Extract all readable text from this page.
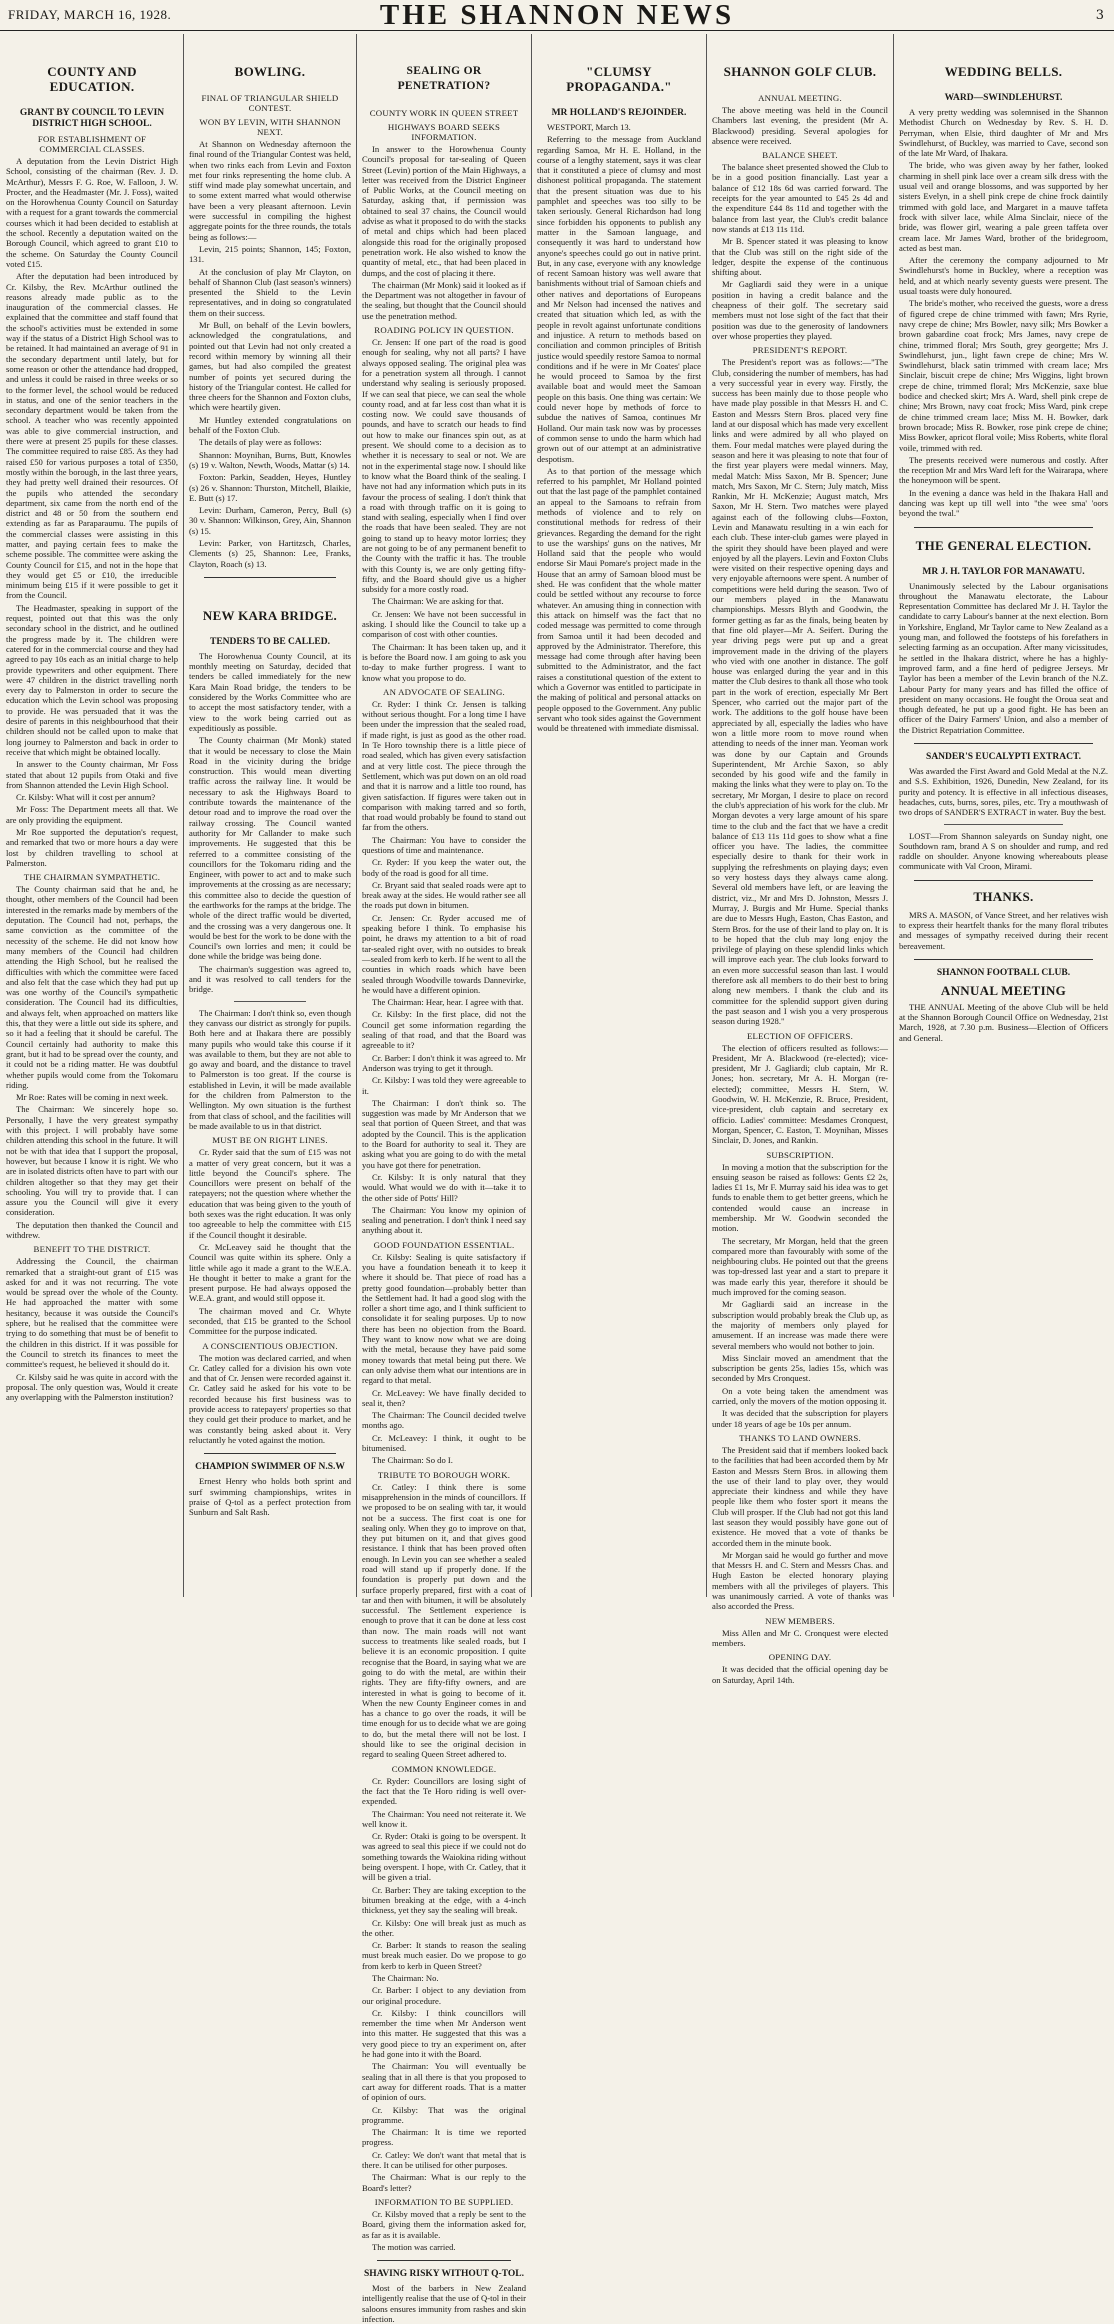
FRIDAY, MARCH 16, 1928.	THE SHANNON NEWS	3
COUNTY AND EDUCATION.
GRANT BY COUNCIL TO LEVIN DISTRICT HIGH SCHOOL.
FOR ESTABLISHMENT OF COMMERCIAL CLASSES.

A deputation from the Levin District High School, consisting of the chairman (Rev. J. D. McArthur), Messrs F. G. Roe, W. Falloon, J. W. Procter, and the Headmaster (Mr. J. Foss), waited on the Horowhenua County Council on Saturday with a request for a grant towards the commercial courses which it had been decided to establish at the school. Recently a deputation waited on the Borough Council, which agreed to grant £10 to the scheme. On Saturday the County Council voted £15.

After the deputation had been introduced by Cr. Kilsby, the Rev. McArthur outlined the reasons already made public as to the inauguration of the commercial classes. He explained that the committee and staff found that the school's activities must be extended in some way if the status of a District High School was to be retained. It had maintained an average of 91 in the secondary department until lately, but for some reason or other the attendance had dropped, and unless it could be raised in three weeks or so to the former level, the school would be reduced in status, and one of the senior teachers in the secondary department would be taken from the school. A teacher who was recently appointed was able to give commercial instruction, and there were at present 25 pupils for these classes. The committee required to raise £85. As they had raised £50 for various purposes a total of £350, mostly within the borough, in the last three years, they had pretty well drained their resources. Of the pupils who attended the secondary department, six came from the north end of the district and 48 or 50 from the southern end extending as far as Paraparaumu. The pupils of the commercial classes were assisting in this matter, and paying certain fees to make the scheme possible. The committee were asking the County Council for £15, and not in the hope that they would get £5 or £10, the irreducible minimum being £15 if it were possible to get it from the Council.

The Headmaster, speaking in support of the request, pointed out that this was the only secondary school in the district, and he outlined the progress made by it. The children were catered for in the commercial course and they had agreed to pay 10s each as an initial charge to help provide typewriters and other equipment. There were 47 children in the district travelling north every day to Palmerston in order to secure the education which the Levin school was proposing to provide. He was persuaded that it was the desire of parents in this neighbourhood that their children should not be called upon to make that long journey to Palmerston and back in order to receive that which might be obtained locally.

In answer to the County chairman, Mr Foss stated that about 12 pupils from Otaki and five from Shannon attended the Levin High School.

Cr. Kilsby: What will it cost per annum?

Mr Foss: The Department meets all that. We are only providing the equipment.

Mr Roe supported the deputation's request, and remarked that two or more hours a day were lost by children travelling to school at Palmerston.

THE CHAIRMAN SYMPATHETIC.

The County chairman said that he and, he thought, other members of the Council had been interested in the remarks made by members of the deputation. The Council had not, perhaps, the same conviction as the committee of the necessity of the scheme. He did not know how many members of the Council had children attending the High School, but he realised the difficulties with which the committee were faced and also felt that the case which they had put up was one worthy of the Council's sympathetic consideration. The Council had its difficulties, and always felt, when approached on matters like this, that they were a little out side its sphere, and so it had a feeling that it should be careful. The Council certainly had authority to make this grant, but it had to be spread over the county, and it could not be a riding matter. He was doubtful whether pupils would come from the Tokomaru riding.

Mr Roe: Rates will be coming in next week.

The Chairman: We sincerely hope so. Personally, I have the very greatest sympathy with this project. I will probably have some children attending this school in the future. It will not be with that idea that I support the proposal, however, but because I know it is right. We who are in isolated districts often have to part with our children altogether so that they may get their schooling. You will try to provide that. I can assure you the Council will give it every consideration.

The deputation then thanked the Council and withdrew.

BENEFIT TO THE DISTRICT.

Addressing the Council, the chairman remarked that a straight-out grant of £15 was asked for and it was not recurring. The vote would be spread over the whole of the County. He had approached the matter with some hesitancy, because it was outside the Council's sphere, but he realised that the committee were trying to do something that must be of benefit to the children in this district. If it was possible for the Council to stretch its finances to meet the committee's request, he believed it should do it.

Cr. Kilsby said he was quite in accord with the proposal. The only question was, Would it create any overlapping with the Palmerston institution?

BOWLING.
FINAL OF TRIANGULAR SHIELD CONTEST.
WON BY LEVIN, WITH SHANNON NEXT.

At Shannon on Wednesday afternoon the final round of the Triangular Contest was held, when two rinks each from Levin and Foxton met four rinks representing the home club. A stiff wind made play somewhat uncertain, and to some extent marred what would otherwise have been a very pleasant afternoon. Levin were successful in compiling the highest aggregate points for the three rounds, the totals being as follows:—

Levin, 215 points; Shannon, 145; Foxton, 131.

At the conclusion of play Mr Clayton, on behalf of Shannon Club (last season's winners) presented the Shield to the Levin representatives, and in doing so congratulated them on their success.

Mr Bull, on behalf of the Levin bowlers, acknowledged the congratulations, and pointed out that Levin had not only created a record within memory by winning all their games, but had also compiled the greatest number of points yet secured during the history of the Triangular contest. He called for three cheers for the Shannon and Foxton clubs, which were heartily given.

Mr Huntley extended congratulations on behalf of the Foxton Club.

The details of play were as follows:

Shannon: Moynihan, Burns, Butt, Knowles (s) 19 v. Walton, Newth, Woods, Mattar (s) 14.

Foxton: Parkin, Seadden, Heyes, Huntley (s) 26 v. Shannon: Thurston, Mitchell, Blaikie, E. Butt (s) 17.

Levin: Durham, Cameron, Percy, Bull (s) 30 v. Shannon: Wilkinson, Grey, Ain, Shannon (s) 15.

Levin: Parker, von Hartitzsch, Charles, Clements (s) 25, Shannon: Lee, Franks, Clayton, Roach (s) 13.

NEW KARA BRIDGE.
TENDERS TO BE CALLED.

The Horowhenua County Council, at its monthly meeting on Saturday, decided that tenders be called immediately for the new Kara Main Road bridge, the tenders to be considered by the Works Committee who are to accept the most satisfactory tender, with a view to the work being carried out as expeditiously as possible.

The County chairman (Mr Monk) stated that it would be necessary to close the Main Road in the vicinity during the bridge construction. This would mean diverting traffic across the railway line. It would be necessary to ask the Highways Board to contribute towards the maintenance of the detour road and to improve the road over the railway crossing. The Council wanted authority for Mr Callander to make such improvements. He suggested that this be referred to a committee consisting of the councillors for the Tokomaru riding and the Engineer, with power to act and to make such improvements at the crossing as are necessary; this committee also to decide the question of the earthworks for the ramps at the bridge. The whole of the direct traffic would be diverted, and the crossing was a very dangerous one. It would be best for the work to be done with the Council's own lorries and men; it could be done while the bridge was being done.

The chairman's suggestion was agreed to, and it was resolved to call tenders for the bridge.

The Chairman: I don't think so, even though they canvass our district as strongly for pupils. Both here and at Ihakara there are possibly many pupils who would take this course if it was available to them, but they are not able to go away and board, and the distance to travel to Palmerston is too great. If the course is established in Levin, it will be made available for the children from Palmerston to the Wellington. My own situation is the furthest from that class of school, and the facilities will be made available to us in that district.

MUST BE ON RIGHT LINES.

Cr. Ryder said that the sum of £15 was not a matter of very great concern, but it was a little beyond the Council's sphere. The Councillors were present on behalf of the ratepayers; not the question where whether the education that was being given to the youth of both sexes was the right education. It was only too agreeable to help the committee with £15 if the Council thought it desirable.

Cr. McLeavey said he thought that the Council was quite within its sphere. Only a little while ago it made a grant to the W.E.A. He thought it better to make a grant for the present purpose. He had always opposed the W.E.A. grant, and would still oppose it.

The chairman moved and Cr. Whyte seconded, that £15 be granted to the School Committee for the purpose indicated.

A CONSCIENTIOUS OBJECTION.

The motion was declared carried, and when Cr. Catley called for a division his own vote and that of Cr. Jensen were recorded against it. Cr. Catley said he asked for his vote to be recorded because his first business was to provide access to ratepayers' properties so that they could get their produce to market, and he was constantly being asked about it. Very reluctantly he voted against the motion.

CHAMPION SWIMMER OF N.S.W

Ernest Henry who holds both sprint and surf swimming championships, writes in praise of Q-tol as a perfect protection from Sunburn and Salt Rash.

SEALING OR PENETRATION?
COUNTY WORK IN QUEEN STREET
HIGHWAYS BOARD SEEKS INFORMATION.

In answer to the Horowhenua County Council's proposal for tar-sealing of Queen Street (Levin) portion of the Main Highways, a letter was received from the District Engineer of Public Works, at the Council meeting on Saturday, asking that, if permission was obtained to seal 37 chains, the Council would advise as what it proposed to do with the stacks of metal and chips which had been placed alongside this road for the originally proposed penetration work. He also wished to know the quantity of metal, etc., that had been placed in dumps, and the cost of placing it there.

The chairman (Mr Monk) said it looked as if the Department was not altogether in favour of the sealing, but thought that the Council should use the penetration method.

ROADING POLICY IN QUESTION.

Cr. Jensen: If one part of the road is good enough for sealing, why not all parts? I have always opposed sealing. The original plea was for a penetration system all through. I cannot understand why sealing is seriously proposed. If we can seal that piece, we can seal the whole county road, and at far less cost than what it is costing now. We could save thousands of pounds, and have to scratch our heads to find out how to make our finances spin out, as at present. We should come to a decision as to whether it is necessary to seal or not. We are not in the experimental stage now. I should like to know what the Board think of the sealing. I have not had any information which puts in its favour the process of sealing. I don't think that a road with through traffic on it is going to stand with sealing, especially when I find over the roads that have been sealed. They are not going to stand up to heavy motor lorries; they are not going to be of any permanent benefit to the County with the traffic it has. The trouble with this County is, we are only getting fifty-fifty, and the Board should give us a higher subsidy for a more costly road.

The Chairman: We are asking for that.

Cr. Jensen: We have not been successful in asking. I should like the Council to take up a comparison of cost with other counties.

The Chairman: It has been taken up, and it is before the Board now. I am going to ask you to-day to make further progress. I want to know what you propose to do.

AN ADVOCATE OF SEALING.

Cr. Ryder: I think Cr. Jensen is talking without serious thought. For a long time I have been under the impression that the sealed road, if made right, is just as good as the other road. In Te Horo township there is a little piece of road sealed, which has given every satisfaction and at very little cost. The piece through the Settlement, which was put down on an old road and that it is narrow and a little too round, has given satisfaction. If figures were taken out in comparison with making tarred and so forth, that road would probably be found to stand out far from the others.

The Chairman: You have to consider the questions of time and maintenance.

Cr. Ryder: If you keep the water out, the body of the road is good for all time.

Cr. Bryant said that sealed roads were apt to break away at the sides. He would rather see all the roads put down in bitumen.

Cr. Jensen: Cr. Ryder accused me of speaking before I think. To emphasise his point, he draws my attention to a bit of road tar-sealed right over, with no outsides to break—sealed from kerb to kerb. If he went to all the counties in which roads which have been sealed through Woodville towards Dannevirke, he would have a different opinion.

The Chairman: Hear, hear. I agree with that.

Cr. Kilsby: In the first place, did not the Council get some information regarding the sealing of that road, and that the Board was agreeable to it?

Cr. Barber: I don't think it was agreed to. Mr Anderson was trying to get it through.

Cr. Kilsby: I was told they were agreeable to it.

The Chairman: I don't think so. The suggestion was made by Mr Anderson that we seal that portion of Queen Street, and that was adopted by the Council. This is the application to the Board for authority to seal it. They are asking what you are going to do with the metal you have got there for penetration.

Cr. Kilsby: It is only natural that they would. What would we do with it—take it to the other side of Potts' Hill?

The Chairman: You know my opinion of sealing and penetration. I don't think I need say anything about it.

GOOD FOUNDATION ESSENTIAL.

Cr. Kilsby: Sealing is quite satisfactory if you have a foundation beneath it to keep it where it should be. That piece of road has a pretty good foundation—probably better than the Settlement had. It had a good slog with the roller a short time ago, and I think sufficient to consolidate it for sealing purposes. Up to now there has been no objection from the Board. They want to know now what we are doing with the metal, because they have paid some money towards that metal being put there. We can only advise them what our intentions are in regard to that metal.

Cr. McLeavey: We have finally decided to seal it, then?

The Chairman: The Council decided twelve months ago.

Cr. McLeavey: I think, it ought to be bitumenised.

The Chairman: So do I.

TRIBUTE TO BOROUGH WORK.

Cr. Catley: I think there is some misapprehension in the minds of councillors. If we proposed to be on sealing with tar, it would not be a success. The first coat is one for sealing only. When they go to improve on that, they put bitumen on it, and that gives good resistance. I think that has been proved often enough. In Levin you can see whether a sealed road will stand up if properly done. If the foundation is properly put down and the surface properly prepared, first with a coat of tar and then with bitumen, it will be absolutely successful. The Settlement experience is enough to prove that it can be done at less cost than now. The main roads will not want success to treatments like sealed roads, but I believe it is an economic proposition. I quite recognise that the Board, in saying what we are going to do with the metal, are within their rights. They are fifty-fifty owners, and are interested in what is going to become of it. When the new County Engineer comes in and has a chance to go over the roads, it will be time enough for us to decide what we are going to do, but the metal there will not be lost. I should like to see the original decision in regard to sealing Queen Street adhered to.

COMMON KNOWLEDGE.

Cr. Ryder: Councillors are losing sight of the fact that the Te Horo riding is well over-expended.

The Chairman: You need not reiterate it. We well know it.

Cr. Ryder: Otaki is going to be overspent. It was agreed to seal this piece if we could not do something towards the Waiokina riding without being overspent. I hope, with Cr. Catley, that it will be given a trial.

Cr. Barber: They are taking exception to the bitumen breaking at the edge, with a 4-inch thickness, yet they say the sealing will break.

Cr. Kilsby: One will break just as much as the other.

Cr. Barber: It stands to reason the sealing must break much easier. Do we propose to go from kerb to kerb in Queen Street?

The Chairman: No.

Cr. Barber: I object to any deviation from our original procedure.

Cr. Kilsby: I think councillors will remember the time when Mr Anderson went into this matter. He suggested that this was a very good piece to try an experiment on, after he had gone into it with the Board.

The Chairman: You will eventually be sealing that in all there is that you proposed to cart away for different roads. That is a matter of opinion of ours.

Cr. Kilsby: That was the original programme.

The Chairman: It is time we reported progress.

Cr. Catley: We don't want that metal that is there. It can be utilised for other purposes.

The Chairman: What is our reply to the Board's letter?

INFORMATION TO BE SUPPLIED.

Cr. Kilsby moved that a reply be sent to the Board, giving them the information asked for, as far as it is available.

The motion was carried.

SHAVING RISKY WITHOUT Q-TOL.

Most of the barbers in New Zealand intelligently realise that the use of Q-tol in their saloons ensures immunity from rashes and skin infection.

"CLUMSY PROPAGANDA."
MR HOLLAND'S REJOINDER.

WESTPORT, March 13.

Referring to the message from Auckland regarding Samoa, Mr H. E. Holland, in the course of a lengthy statement, says it was clear that it constituted a piece of clumsy and most dishonest political propaganda. The statement that the present situation was due to his pamphlet and speeches was too silly to be taken seriously. General Richardson had long since forbidden his opponents to publish any matter in the Samoan language, and consequently it was hard to understand how anyone's speeches could go out in native print. But, in any case, everyone with any knowledge of recent Samoan history was well aware that banishments without trial of Samoan chiefs and other natives and deportations of Europeans and Mr Nelson had incensed the natives and created that situation which led, as with the people in revolt against unfortunate conditions and injustice. A return to methods based on conciliation and common principles of British justice would speedily restore Samoa to normal conditions and if he were in Mr Coates' place he would proceed to Samoa by the first available boat and would meet the Samoan people on this basis. One thing was certain: We could never hope by methods of force to subdue the natives of Samoa, continues Mr Holland. Our main task now was by processes of common sense to undo the harm which had grown out of our attempt at an administrative despotism.

As to that portion of the message which referred to his pamphlet, Mr Holland pointed out that the last page of the pamphlet contained an appeal to the Samoans to refrain from methods of violence and to rely on constitutional methods for redress of their grievances. Regarding the demand for the right to use the warships' guns on the natives, Mr Holland said that the people who would endorse Sir Maui Pomare's project made in the House that an army of Samoan blood must be shed. He was confident that the whole matter could be settled without any recourse to force whatever. An amusing thing in connection with this attack on himself was the fact that no coded message was permitted to come through from Samoa until it had been decoded and approved by the Administrator. Therefore, this message had come through after having been submitted to the Administrator, and the fact raises a constitutional question of the extent to which a Governor was entitled to participate in the making of political and personal attacks on people opposed to the Government. Any public servant who took sides against the Government would be threatened with immediate dismissal.

SHANNON GOLF CLUB.
ANNUAL MEETING.

The above meeting was held in the Council Chambers last evening, the president (Mr A. Blackwood) presiding. Several apologies for absence were received.

BALANCE SHEET.

The balance sheet presented showed the Club to be in a good position financially. Last year a balance of £12 18s 6d was carried forward. The receipts for the year amounted to £45 2s 4d and the expenditure £44 8s 11d and together with the balance from last year, the Club's credit balance now stands at £13 11s 11d.

Mr B. Spencer stated it was pleasing to know that the Club was still on the right side of the ledger, despite the expense of the continuous shifting about.

Mr Gagliardi said they were in a unique position in having a credit balance and the cheapness of their golf. The secretary said members must not lose sight of the fact that their position was due to the generosity of landowners over whose properties they played.

PRESIDENT'S REPORT.

The President's report was as follows:—"The Club, considering the number of members, has had a very successful year in every way. Firstly, the success has been mainly due to those people who have made play possible in that Messrs H. and C. Easton and Messrs Stern Bros. placed very fine land at our disposal which has made very excellent links and were admired by all who played on them. Four medal matches were played during the season and here it was pleasing to note that four of the first year players were medal winners. May, medal Match: Miss Saxon, Mr B. Spencer; June match, Mrs Saxon, Mr C. Stern; July match, Miss Rankin, Mr H. McKenzie; August match, Mrs Saxon, Mr H. Stern. Two matches were played against each of the following clubs—Foxton, Levin and Manawatu resulting in a win each for each club. These inter-club games were played in the spirit they should have been played and were enjoyed by all the players. Levin and Foxton Clubs were visited on their respective opening days and very enjoyable afternoons were spent. A number of competitions were held during the season. Two of our members played in the Manawatu championships. Messrs Blyth and Goodwin, the former getting as far as the finals, being beaten by that fine old player—Mr A. Seifert. During the year driving pegs were put up and a great improvement made in the driving of the players who vied with one another in distance. The golf house was enlarged during the year and in this matter the Club desires to thank all those who took part in the work of erection, especially Mr Bert Spencer, who carried out the major part of the work. The additions to the golf house have been appreciated by all, especially the ladies who have won a little more room to move round when attending to needs of the inner man. Yeoman work was done by our Captain and Grounds Superintendent, Mr Archie Saxon, so ably seconded by his good wife and the family in making the links what they were to play on. To the secretary, Mr Morgan, I desire to place on record the club's appreciation of his work for the club. Mr Morgan devotes a very large amount of his spare time to the club and the fact that we have a credit balance of £13 11s 11d goes to show what a fine officer you have. The ladies, the committee especially desire to thank for their work in supplying the refreshments on playing days; even so very hostess days they always came along. Several old members have left, or are leaving the district, viz., Mr and Mrs D. Johnston, Messrs J. Murray, J. Burgis and Mr Hume. Special thanks are due to Messrs Hugh, Easton, Chas Easton, and Stern Bros. for the use of their land to play on. It is to be hoped that the club may long enjoy the privilege of playing on these splendid links which will improve each year. The club looks forward to an even more successful season than last. I would therefore ask all members to do their best to bring along new members. I thank the club and its committee for the splendid support given during the past season and I wish you a very prosperous season during 1928."

ELECTION OF OFFICERS.

The election of officers resulted as follows:—President, Mr A. Blackwood (re-elected); vice-president, Mr J. Gagliardi; club captain, Mr R. Jones; hon. secretary, Mr A. H. Morgan (re-elected); committee, Messrs H. Stern, W. Goodwin, W. H. McKenzie, R. Bruce, President, vice-president, club captain and secretary ex officio. Ladies' committee: Mesdames Cronquest, Morgan, Spencer, C. Easton, T. Moynihan, Misses Sinclair, D. Jones, and Rankin.

SUBSCRIPTION.

In moving a motion that the subscription for the ensuing season be raised as follows: Gents £2 2s, ladies £1 1s, Mr F. Murray said his idea was to get funds to enable them to get better greens, which he contended would cause an increase in membership. Mr W. Goodwin seconded the motion.

The secretary, Mr Morgan, held that the green compared more than favourably with some of the neighbouring clubs. He pointed out that the greens was top-dressed last year and a start to prepare it was made early this year, therefore it should be much improved for the coming season.

Mr Gagliardi said an increase in the subscription would probably break the Club up, as the majority of members only played for amusement. If an increase was made there were several members who would not bother to join.

Miss Sinclair moved an amendment that the subscription be gents 25s, ladies 15s, which was seconded by Mrs Cronquest.

On a vote being taken the amendment was carried, only the movers of the motion opposing it.

It was decided that the subscription for players under 18 years of age be 10s per annum.

THANKS TO LAND OWNERS.

The President said that if members looked back to the facilities that had been accorded them by Mr Easton and Messrs Stern Bros. in allowing them the use of their land to play over, they would appreciate their kindness and while they have people like them who foster sport it means the Club will prosper. If the Club had not got this land last season they would possibly have gone out of existence. He moved that a vote of thanks be accorded them in the minute book.

Mr Morgan said he would go further and move that Messrs H. and C. Stern and Messrs Chas. and Hugh Easton be elected honorary playing members with all the privileges of players. This was unanimously carried. A vote of thanks was also accorded the Press.

NEW MEMBERS.

Miss Allen and Mr C. Cronquest were elected members.

OPENING DAY.

It was decided that the official opening day be on Saturday, April 14th.

WEDDING BELLS.
WARD—SWINDLEHURST.

A very pretty wedding was solemnised in the Shannon Methodist Church on Wednesday by Rev. S. H. D. Perryman, when Elsie, third daughter of Mr and Mrs Swindlehurst, of Buckley, was married to Cave, second son of the late Mr Ward, of Ihakara.

The bride, who was given away by her father, looked charming in shell pink lace over a cream silk dress with the usual veil and orange blossoms, and was supported by her sisters Evelyn, in a shell pink crepe de chine frock daintily trimmed with gold lace, and Margaret in a mauve taffeta frock with silver lace, while Alma Sinclair, niece of the bride, was flower girl, wearing a pale green taffeta over cream lace. Mr James Ward, brother of the bridegroom, acted as best man.

After the ceremony the company adjourned to Mr Swindlehurst's home in Buckley, where a reception was held, and at which nearly seventy guests were present. The usual toasts were duly honoured.

The bride's mother, who received the guests, wore a dress of figured crepe de chine trimmed with fawn; Mrs Ryrie, navy crepe de chine; Mrs Bowler, navy silk; Mrs Bowker a brown gabardine coat frock; Mrs James, navy crepe de chine, trimmed floral; Mrs South, grey georgette; Mrs J. Swindlehurst, jun., light fawn crepe de chine; Mrs W. Swindlehurst, black satin trimmed with cream lace; Mrs Sinclair, biscuit crepe de chine; Mrs Wiggins, light brown crepe de chine, trimmed floral; Mrs McKenzie, saxe blue bodice and checked skirt; Mrs A. Ward, shell pink crepe de chine; Mrs Brown, navy coat frock; Miss Ward, pink crepe de chine trimmed cream lace; Miss M. H. Bowker, dark brown brocade; Miss R. Bowker, rose pink crepe de chine; Miss Bowker, apricot floral voile; Miss Roberts, white floral voile, trimmed with red.

The presents received were numerous and costly. After the reception Mr and Mrs Ward left for the Wairarapa, where the honeymoon will be spent.

In the evening a dance was held in the Ihakara Hall and dancing was kept up till well into "the wee sma' 'oors beyond the twal."

THE GENERAL ELECTION.
MR J. H. TAYLOR FOR MANAWATU.

Unanimously selected by the Labour organisations throughout the Manawatu electorate, the Labour Representation Committee has declared Mr J. H. Taylor the candidate to carry Labour's banner at the next election. Born in Yorkshire, England, Mr Taylor came to New Zealand as a young man, and followed the footsteps of his forefathers in selecting farming as an occupation. After many vicissitudes, he settled in the Ihakara district, where he has a highly-improved farm, and a fine herd of pedigree Jerseys. Mr Taylor has been a member of the Levin branch of the N.Z. Labour Party for many years and has filled the office of president on many occasions. He fought the Oroua seat and though defeated, he put up a good fight. He has been an officer of the Dairy Farmers' Union, and also a member of the District Repatriation Committee.

SANDER'S EUCALYPTI EXTRACT.

Was awarded the First Award and Gold Medal at the N.Z. and S.S. Exhibition, 1926, Dunedin, New Zealand, for its purity and potency. It is effective in all infectious diseases, headaches, cuts, burns, sores, piles, etc. Try a mouthwash of two drops of SANDER'S EXTRACT in water. Buy the best.

LOST—From Shannon saleyards on Sunday night, one Southdown ram, brand A S on shoulder and rump, and red raddle on shoulder. Anyone knowing whereabouts please communicate with Val Croon, Mirami.

THANKS.

MRS A. MASON, of Vance Street, and her relatives wish to express their heartfelt thanks for the many floral tributes and messages of sympathy received during their recent bereavement.

SHANNON FOOTBALL CLUB.
ANNUAL MEETING

THE ANNUAL Meeting of the above Club will be held at the Shannon Borough Council Office on Wednesday, 21st March, 1928, at 7.30 p.m. Business—Election of Officers and General.
